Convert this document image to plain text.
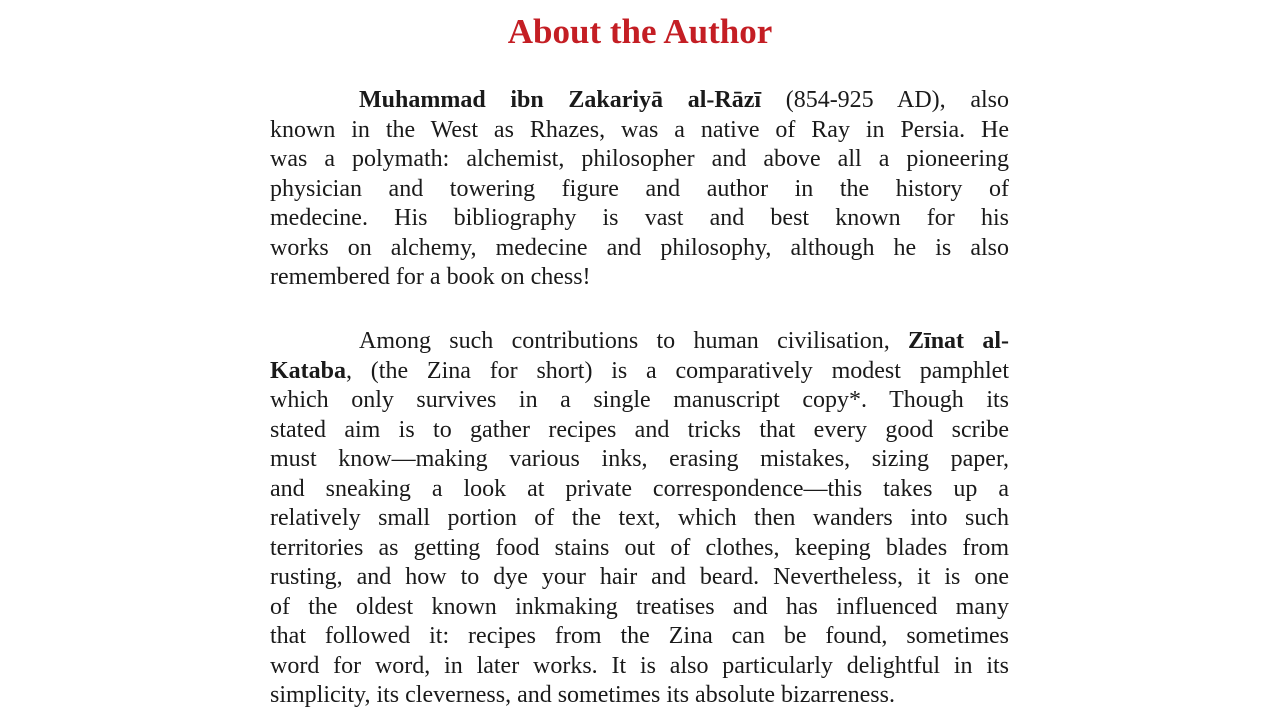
About the Author
Muhammad ibn Zakariyā al-Rāzī (854-925 AD), also
known in the West as Rhazes, was a native of Ray in Persia. He
was a polymath: alchemist, philosopher and above all a pioneering
physician and towering figure and author in the history of
medecine. His bibliography is vast and best known for his
works on alchemy, medecine and philosophy, although he is also
remembered for a book on chess!
Among such contributions to human civilisation, Zīnat al-
Kataba, (the Zina for short) is a comparatively modest pamphlet
which only survives in a single manuscript copy*. Though its
stated aim is to gather recipes and tricks that every good scribe
must know—making various inks, erasing mistakes, sizing paper,
and sneaking a look at private correspondence—this takes up a
relatively small portion of the text, which then wanders into such
territories as getting food stains out of clothes, keeping blades from
rusting, and how to dye your hair and beard. Nevertheless, it is one
of the oldest known inkmaking treatises and has influenced many
that followed it: recipes from the Zina can be found, sometimes
word for word, in later works. It is also particularly delightful in its
simplicity, its cleverness, and sometimes its absolute bizarreness.
